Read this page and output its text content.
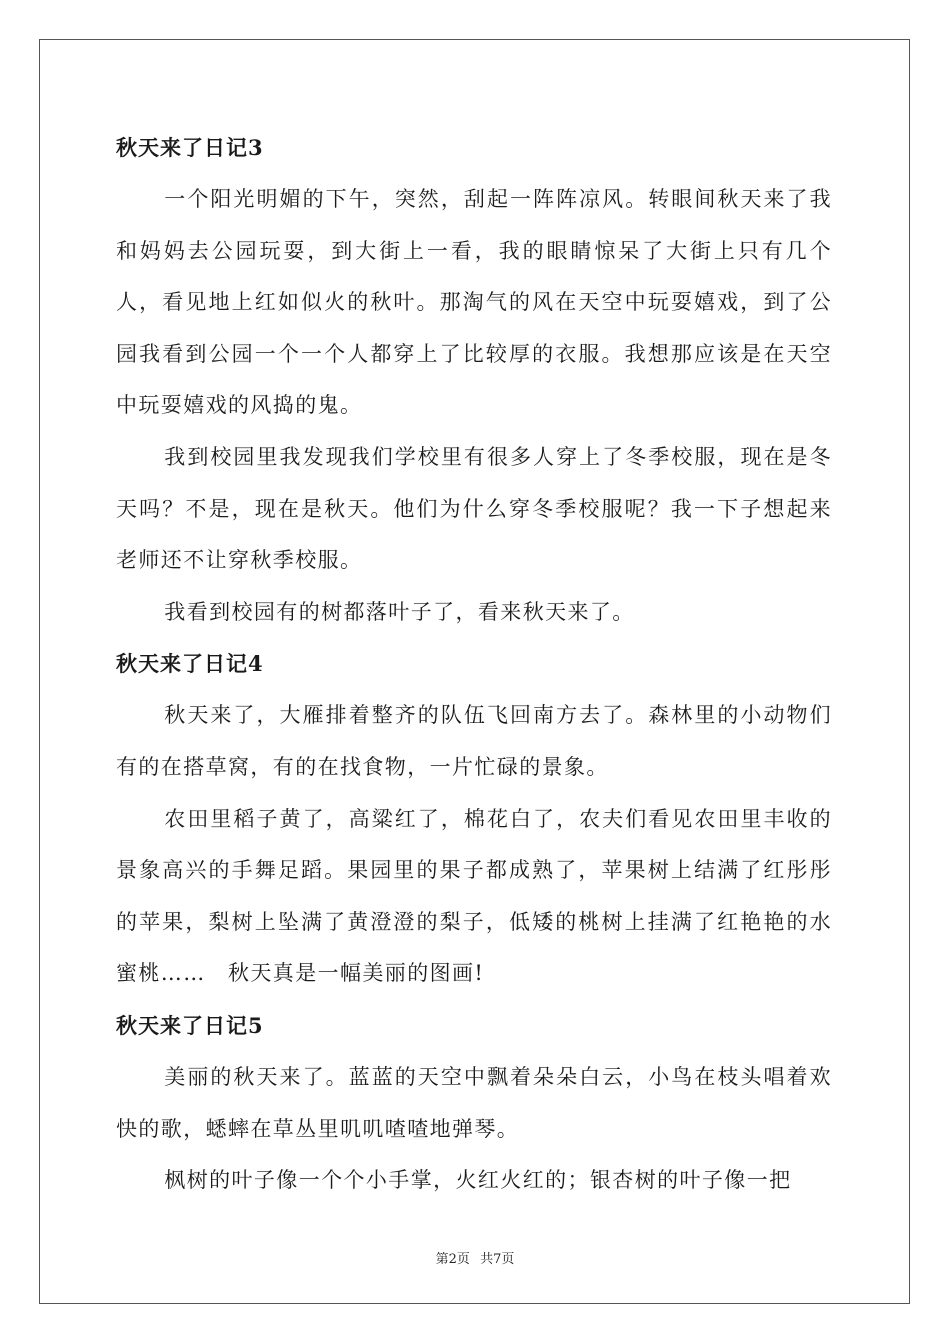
秋天来了日记3

一个阳光明媚的下午，突然，刮起一阵阵凉风。转眼间秋天来了我和妈妈去公园玩耍，到大街上一看，我的眼睛惊呆了大街上只有几个人，看见地上红如似火的秋叶。那淘气的风在天空中玩耍嬉戏，到了公园我看到公园一个一个人都穿上了比较厚的衣服。我想那应该是在天空中玩耍嬉戏的风捣的鬼。

我到校园里我发现我们学校里有很多人穿上了冬季校服，现在是冬天吗？不是，现在是秋天。他们为什么穿冬季校服呢？我一下子想起来老师还不让穿秋季校服。

我看到校园有的树都落叶子了，看来秋天来了。

秋天来了日记4

秋天来了，大雁排着整齐的队伍飞回南方去了。森林里的小动物们有的在搭草窝，有的在找食物，一片忙碌的景象。

农田里稻子黄了，高粱红了，棉花白了，农夫们看见农田里丰收的景象高兴的手舞足蹈。果园里的果子都成熟了，苹果树上结满了红彤彤的苹果，梨树上坠满了黄澄澄的梨子，低矮的桃树上挂满了红艳艳的水蜜桃……　秋天真是一幅美丽的图画!

秋天来了日记5

美丽的秋天来了。蓝蓝的天空中飘着朵朵白云，小鸟在枝头唱着欢快的歌，蟋蟀在草丛里叽叽喳喳地弹琴。

枫树的叶子像一个个小手掌，火红火红的；银杏树的叶子像一把

第2页 共7页
